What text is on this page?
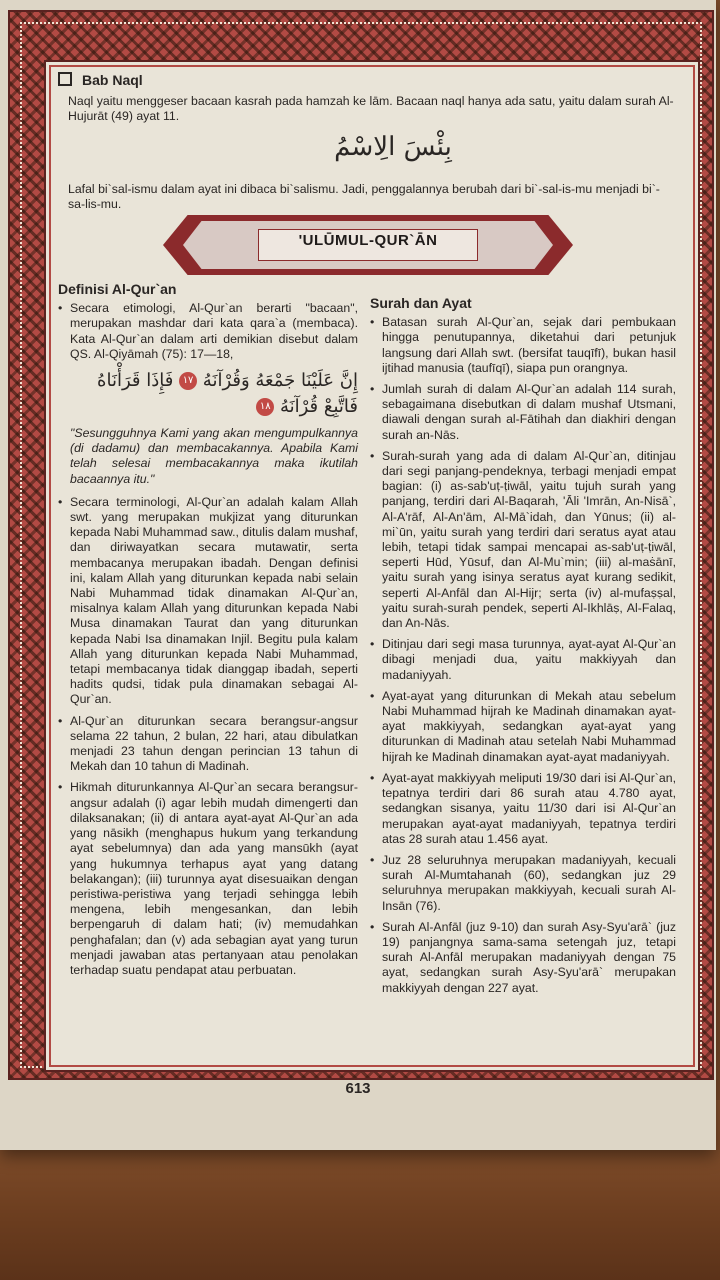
Bab Naql
Naql yaitu menggeser bacaan kasrah pada hamzah ke lām. Bacaan naql hanya ada satu, yaitu dalam surah Al-Hujurāt (49) ayat 11.
بِئْسَ الِاسْمُ
Lafal bi`sal-ismu dalam ayat ini dibaca bi`salismu. Jadi, penggalannya berubah dari bi`-sal-is-mu menjadi bi`-sa-lis-mu.
'ULŪMUL-QUR`ĀN
Definisi Al-Qur`an
• Secara etimologi, Al-Qur`an berarti "bacaan", merupakan mashdar dari kata qara`a (membaca). Kata Al-Qur`an dalam arti demikian disebut dalam QS. Al-Qiyāmah (75): 17—18,
إِنَّ عَلَيْنَا جَمْعَهُ وَقُرْآنَهُ ١٧ فَإِذَا قَرَأْنَاهُ فَاتَّبِعْ قُرْآنَهُ ١٨
"Sesungguhnya Kami yang akan mengumpulkannya (di dadamu) dan membacakannya. Apabila Kami telah selesai membacakannya maka ikutilah bacaannya itu."
• Secara terminologi, Al-Qur`an adalah kalam Allah swt. yang merupakan mukjizat yang diturunkan kepada Nabi Muhammad saw., ditulis dalam mushaf, dan diriwayatkan secara mutawatir, serta membacanya merupakan ibadah. Dengan definisi ini, kalam Allah yang diturunkan kepada nabi selain Nabi Muhammad tidak dinamakan Al-Qur`an, misalnya kalam Allah yang diturunkan kepada Nabi Musa dinamakan Taurat dan yang diturunkan kepada Nabi Isa dinamakan Injil. Begitu pula kalam Allah yang diturunkan kepada Nabi Muhammad, tetapi membacanya tidak dianggap ibadah, seperti hadits qudsi, tidak pula dinamakan sebagai Al-Qur`an.
• Al-Qur`an diturunkan secara berangsur-angsur selama 22 tahun, 2 bulan, 22 hari, atau dibulatkan menjadi 23 tahun dengan perincian 13 tahun di Mekah dan 10 tahun di Madinah.
• Hikmah diturunkannya Al-Qur`an secara berangsur-angsur adalah (i) agar lebih mudah dimengerti dan dilaksanakan; (ii) di antara ayat-ayat Al-Qur`an ada yang nāsikh (menghapus hukum yang terkandung ayat sebelumnya) dan ada yang mansūkh (ayat yang hukumnya terhapus ayat yang datang belakangan); (iii) turunnya ayat disesuaikan dengan peristiwa-peristiwa yang terjadi sehingga lebih mengena, lebih mengesankan, dan lebih berpengaruh di dalam hati; (iv) memudahkan penghafalan; dan (v) ada sebagian ayat yang turun menjadi jawaban atas pertanyaan atau penolakan terhadap suatu pendapat atau perbuatan.
Surah dan Ayat
• Batasan surah Al-Qur`an, sejak dari pembukaan hingga penutupannya, diketahui dari petunjuk langsung dari Allah swt. (bersifat tauqīfī), bukan hasil ijtihad manusia (taufīqī), siapa pun orangnya.
• Jumlah surah di dalam Al-Qur`an adalah 114 surah, sebagaimana disebutkan di dalam mushaf Utsmani, diawali dengan surah al-Fātihah dan diakhiri dengan surah an-Nās.
• Surah-surah yang ada di dalam Al-Qur`an, ditinjau dari segi panjang-pendeknya, terbagi menjadi empat bagian: (i) as-sab'uṭ-ṭiwāl, yaitu tujuh surah yang panjang, terdiri dari Al-Baqarah, 'Āli 'Imrān, An-Nisā`, Al-A'rāf, Al-An'ām, Al-Mā`idah, dan Yūnus; (ii) al-mi`ūn, yaitu surah yang terdiri dari seratus ayat atau lebih, tetapi tidak sampai mencapai as-sab'uṭ-ṭiwāl, seperti Hūd, Yūsuf, dan Al-Mu`min; (iii) al-maṡānī, yaitu surah yang isinya seratus ayat kurang sedikit, seperti Al-Anfāl dan Al-Hijr; serta (iv) al-mufaṣṣal, yaitu surah-surah pendek, seperti Al-Ikhlāṣ, Al-Falaq, dan An-Nās.
• Ditinjau dari segi masa turunnya, ayat-ayat Al-Qur`an dibagi menjadi dua, yaitu makkiyyah dan madaniyyah.
• Ayat-ayat yang diturunkan di Mekah atau sebelum Nabi Muhammad hijrah ke Madinah dinamakan ayat-ayat makkiyyah, sedangkan ayat-ayat yang diturunkan di Madinah atau setelah Nabi Muhammad hijrah ke Madinah dinamakan ayat-ayat madaniyyah.
• Ayat-ayat makkiyyah meliputi 19/30 dari isi Al-Qur`an, tepatnya terdiri dari 86 surah atau 4.780 ayat, sedangkan sisanya, yaitu 11/30 dari isi Al-Qur`an merupakan ayat-ayat madaniyyah, tepatnya terdiri atas 28 surah atau 1.456 ayat.
• Juz 28 seluruhnya merupakan madaniyyah, kecuali surah Al-Mumtahanah (60), sedangkan juz 29 seluruhnya merupakan makkiyyah, kecuali surah Al-Insān (76).
• Surah Al-Anfāl (juz 9-10) dan surah Asy-Syu'arā` (juz 19) panjangnya sama-sama setengah juz, tetapi surah Al-Anfāl merupakan madaniyyah dengan 75 ayat, sedangkan surah Asy-Syu'arā` merupakan makkiyyah dengan 227 ayat.
613
